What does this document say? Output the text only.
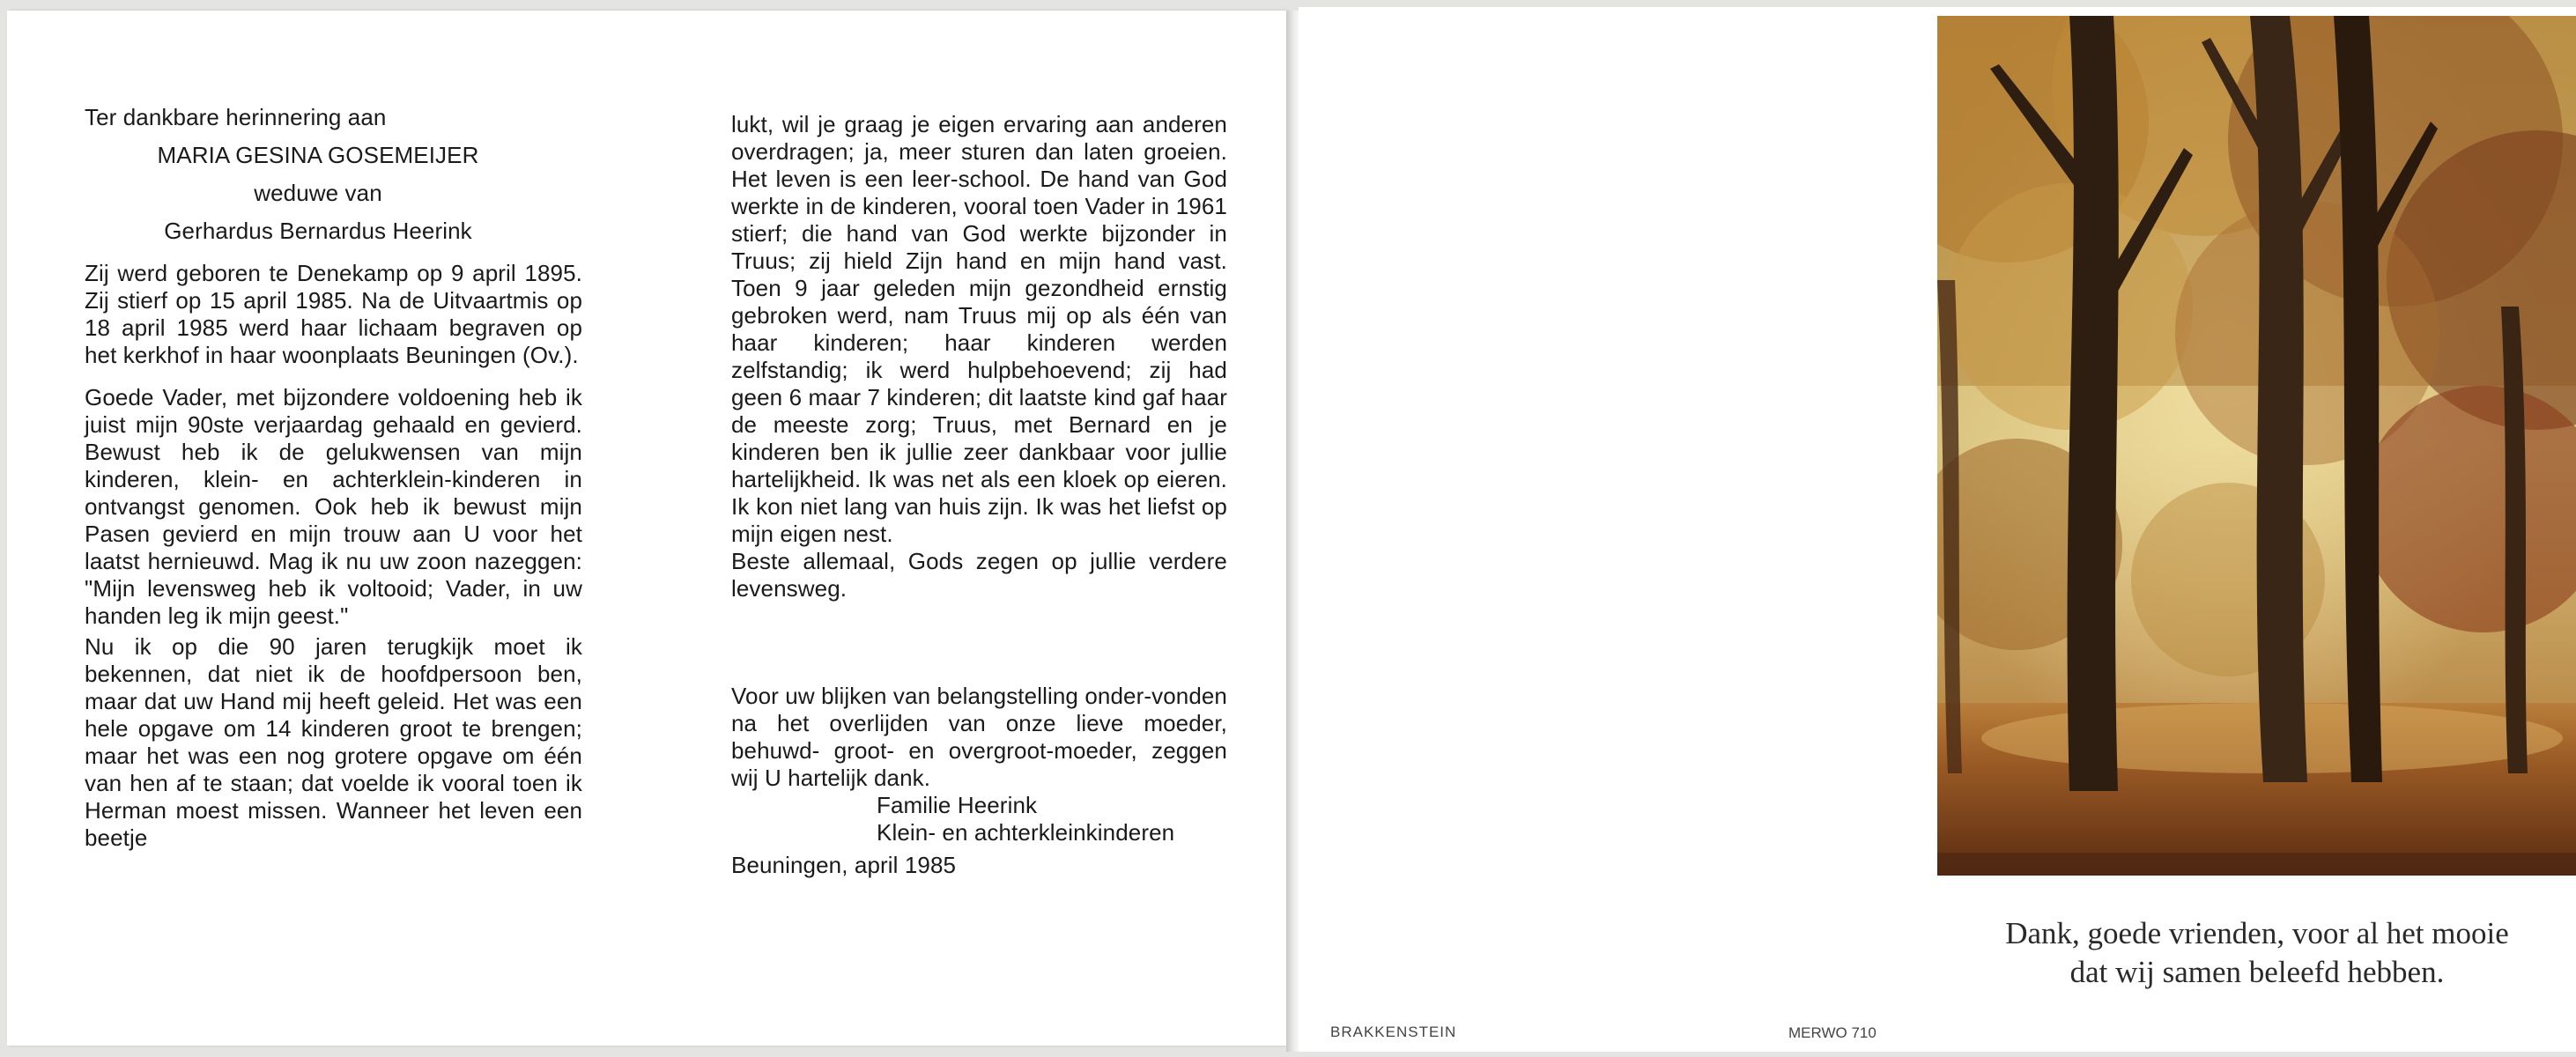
Ter dankbare herinnering aan

MARIA GESINA GOSEMEIJER

weduwe van

Gerhardus Bernardus Heerink

Zij werd geboren te Denekamp op 9 april 1895. Zij stierf op 15 april 1985. Na de Uitvaartmis op 18 april 1985 werd haar lichaam begraven op het kerkhof in haar woonplaats Beuningen (Ov.).

Goede Vader, met bijzondere voldoening heb ik juist mijn 90ste verjaardag gehaald en gevierd. Bewust heb ik de gelukwensen van mijn kinderen, klein- en achterklein-kinderen in ontvangst genomen. Ook heb ik bewust mijn Pasen gevierd en mijn trouw aan U voor het laatst hernieuwd. Mag ik nu uw zoon nazeggen: "Mijn levensweg heb ik voltooid; Vader, in uw handen leg ik mijn geest."

Nu ik op die 90 jaren terugkijk moet ik bekennen, dat niet ik de hoofdpersoon ben, maar dat uw Hand mij heeft geleid. Het was een hele opgave om 14 kinderen groot te brengen; maar het was een nog grotere opgave om één van hen af te staan; dat voelde ik vooral toen ik Herman moest missen. Wanneer het leven een beetje

lukt, wil je graag je eigen ervaring aan anderen overdragen; ja, meer sturen dan laten groeien. Het leven is een leer-school. De hand van God werkte in de kinderen, vooral toen Vader in 1961 stierf; die hand van God werkte bijzonder in Truus; zij hield Zijn hand en mijn hand vast. Toen 9 jaar geleden mijn gezondheid ernstig gebroken werd, nam Truus mij op als één van haar kinderen; haar kinderen werden zelfstandig; ik werd hulpbehoevend; zij had geen 6 maar 7 kinderen; dit laatste kind gaf haar de meeste zorg; Truus, met Bernard en je kinderen ben ik jullie zeer dankbaar voor jullie hartelijkheid. Ik was net als een kloek op eieren. Ik kon niet lang van huis zijn. Ik was het liefst op mijn eigen nest.

Beste allemaal, Gods zegen op jullie verdere levensweg.

Voor uw blijken van belangstelling onder-vonden na het overlijden van onze lieve moeder, behuwd- groot- en overgroot-moeder, zeggen wij U hartelijk dank.

Familie Heerink

Klein- en achterkleinkinderen

Beuningen, april 1985

Dank, goede vrienden, voor al het mooie
dat wij samen beleefd hebben.
BRAKKENSTEIN	MERWO 710
